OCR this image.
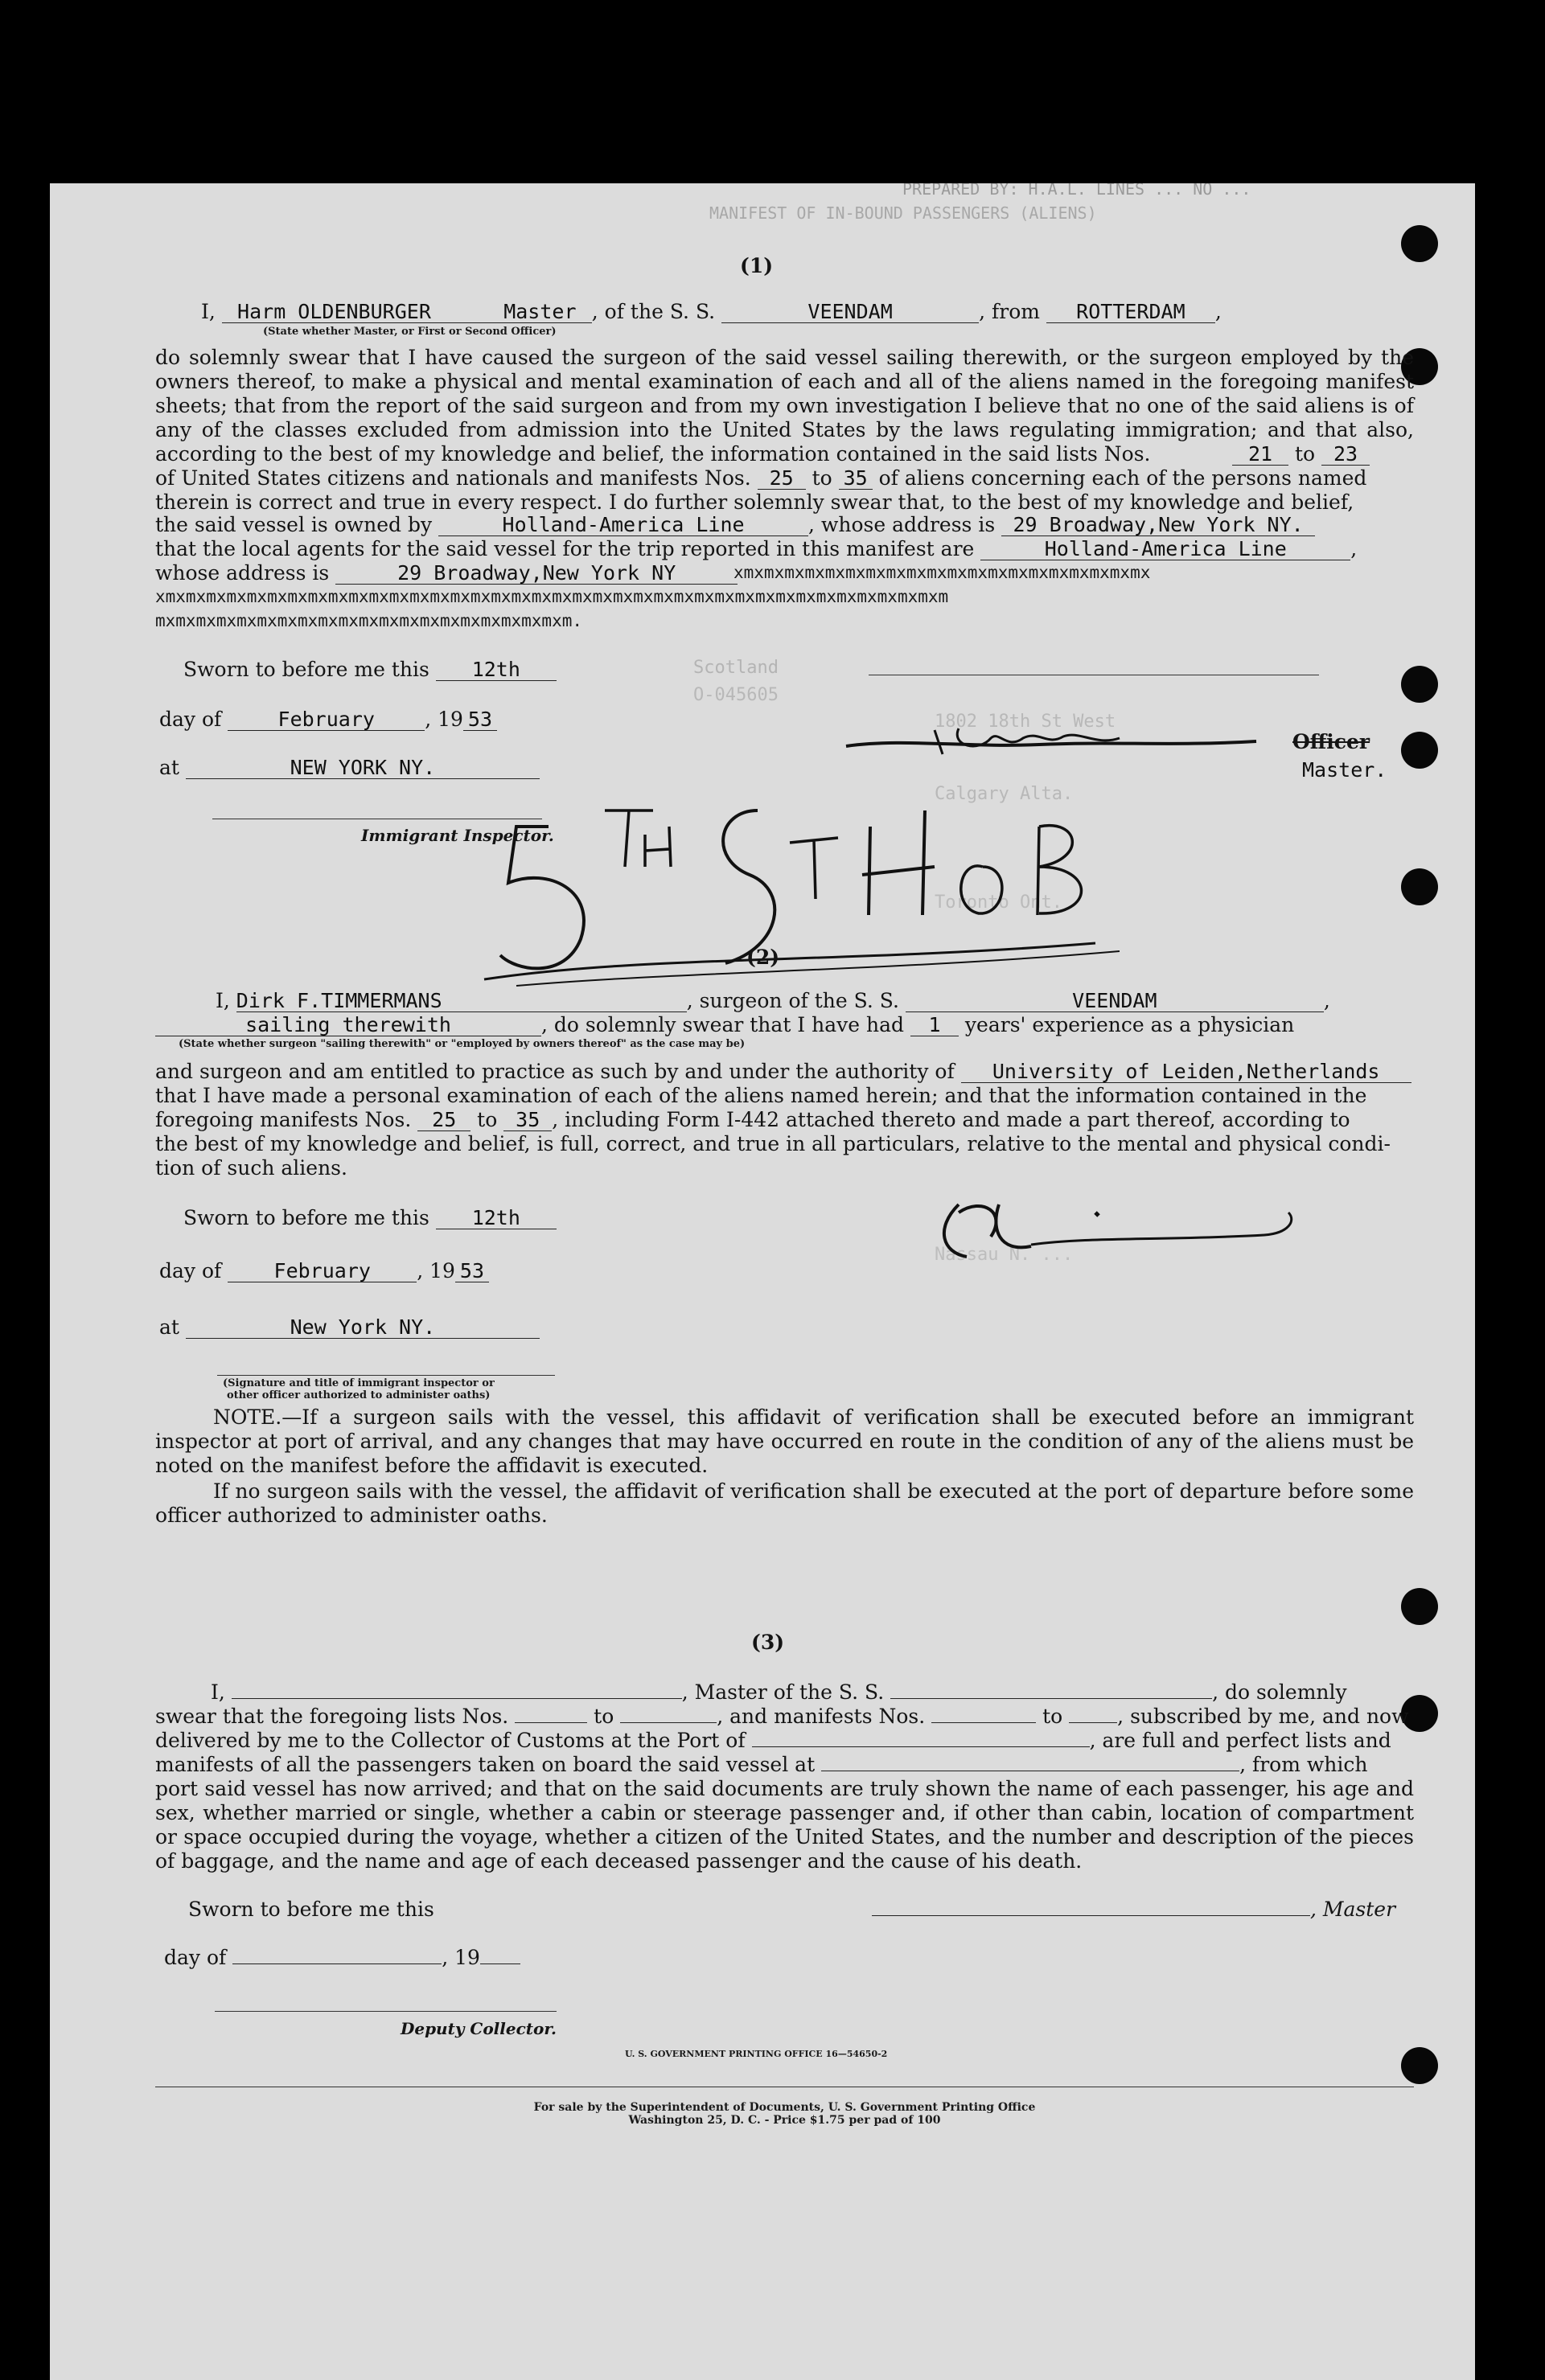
PREPARED BY: H.A.L. LINES ... NO ...
MANIFEST OF IN-BOUND PASSENGERS (ALIENS)
Scotland
O-045605
1802 18th St West
Calgary Alta.
Toronto Ont.
Nassau N. ...
(1)
I, Harm OLDENBURGER	Master , of the S. S.	VEENDAM	, from ROTTERDAM ,
(State whether Master, or First or Second Officer)
do solemnly swear that I have caused the surgeon of the said vessel sailing therewith, or the surgeon employed by the owners thereof, to make a physical and mental examination of each and all of the aliens named in the foregoing manifest sheets; that from the report of the said surgeon and from my own investigation I believe that no one of the said aliens is of any of the classes excluded from admission into the United States by the laws regulating immigration; and that also, according to the best of my knowledge and belief, the information contained in the said lists Nos.	21 to 23
of United States citizens and nationals and manifests Nos. 25 to 35 of aliens concerning each of the persons named
therein is correct and true in every respect. I do further solemnly swear that, to the best of my knowledge and belief,
the said vessel is owned by	Holland-America Line	, whose address is 29 Broadway,New York NY.
that the local agents for the said vessel for the trip reported in this manifest are	Holland-America Line	,
whose address is	29 Broadway,New York NY	xmxmxmxmxmxmxmxmxmxmxmxmxmxmxmxmxmxmxmxmx
xmxmxmxmxmxmxmxmxmxmxmxmxmxmxmxmxmxmxmxmxmxmxmxmxmxmxmxmxmxmxmxmxmxmxmxmxmxmxm
mxmxmxmxmxmxmxmxmxmxmxmxmxmxmxmxmxmxmxmxm.
Sworn to before me this 12th
day of	February , 19 53
at	NEW YORK NY.
Officer
Master.
Immigrant Inspector.
(2)
I, Dirk F.TIMMERMANS	, surgeon of the S. S.	VEENDAM	,
sailing therewith	, do solemnly swear that I have had 1 years' experience as a physician
(State whether surgeon "sailing therewith" or "employed by owners thereof" as the case may be)
and surgeon and am entitled to practice as such by and under the authority of University of Leiden,Netherlands
that I have made a personal examination of each of the aliens named herein; and that the information contained in the
foregoing manifests Nos. 25 to 35 , including Form I-442 attached thereto and made a part thereof, according to
the best of my knowledge and belief, is full, correct, and true in all particulars, relative to the mental and physical condi-
tion of such aliens.
Sworn to before me this 12th
day of	February , 19 53
at	New York NY.
(Signature and title of immigrant inspector or
other officer authorized to administer oaths)
NOTE.—If a surgeon sails with the vessel, this affidavit of verification shall be executed before an immigrant inspector at port of arrival, and any changes that may have occurred en route in the condition of any of the aliens must be noted on the manifest before the affidavit is executed.
If no surgeon sails with the vessel, the affidavit of verification shall be executed at the port of departure before some officer authorized to administer oaths.
(3)
I,	, Master of the S. S.	, do solemnly
swear that the foregoing lists Nos.	to	, and manifests Nos.	to	, subscribed by me, and now
delivered by me to the Collector of Customs at the Port of	, are full and perfect lists and
manifests of all the passengers taken on board the said vessel at	, from which
port said vessel has now arrived; and that on the said documents are truly shown the name of each passenger, his age and sex, whether married or single, whether a cabin or steerage passenger and, if other than cabin, location of compartment or space occupied during the voyage, whether a citizen of the United States, and the number and description of the pieces of baggage, and the name and age of each deceased passenger and the cause of his death.
Sworn to before me this	, Master
day of	, 19
Deputy Collector.
U. S. GOVERNMENT PRINTING OFFICE 16—54650-2
For sale by the Superintendent of Documents, U. S. Government Printing Office
Washington 25, D. C. - Price $1.75 per pad of 100
